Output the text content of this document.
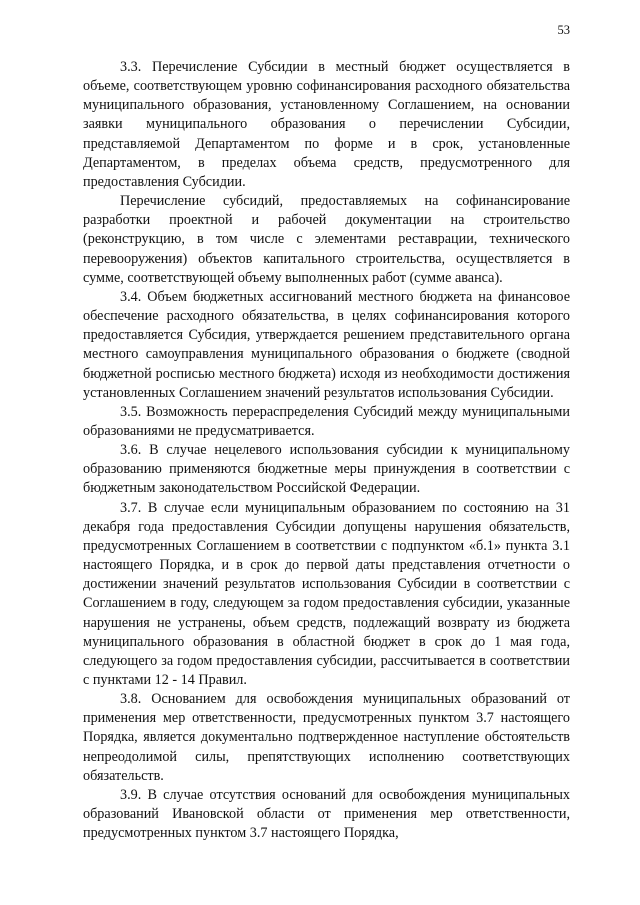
53

3.3. Перечисление Субсидии в местный бюджет осуществляется в объеме, соответствующем уровню софинансирования расходного обязательства муниципального образования, установленному Соглашением, на основании заявки муниципального образования о перечислении Субсидии, представляемой Департаментом по форме и в срок, установленные Департаментом, в пределах объема средств, предусмотренного для предоставления Субсидии.

Перечисление субсидий, предоставляемых на софинансирование разработки проектной и рабочей документации на строительство (реконструкцию, в том числе с элементами реставрации, технического перевооружения) объектов капитального строительства, осуществляется в сумме, соответствующей объему выполненных работ (сумме аванса).

3.4. Объем бюджетных ассигнований местного бюджета на финансовое обеспечение расходного обязательства, в целях софинансирования которого предоставляется Субсидия, утверждается решением представительного органа местного самоуправления муниципального образования о бюджете (сводной бюджетной росписью местного бюджета) исходя из необходимости достижения установленных Соглашением значений результатов использования Субсидии.

3.5. Возможность перераспределения Субсидий между муниципальными образованиями не предусматривается.

3.6. В случае нецелевого использования субсидии к муниципальному образованию применяются бюджетные меры принуждения в соответствии с бюджетным законодательством Российской Федерации.

3.7. В случае если муниципальным образованием по состоянию на 31 декабря года предоставления Субсидии допущены нарушения обязательств, предусмотренных Соглашением в соответствии с подпунктом «б.1» пункта 3.1 настоящего Порядка, и в срок до первой даты представления отчетности о достижении значений результатов использования Субсидии в соответствии с Соглашением в году, следующем за годом предоставления субсидии, указанные нарушения не устранены, объем средств, подлежащий возврату из бюджета муниципального образования в областной бюджет в срок до 1 мая года, следующего за годом предоставления субсидии, рассчитывается в соответствии с пунктами 12 - 14 Правил.

3.8. Основанием для освобождения муниципальных образований от применения мер ответственности, предусмотренных пунктом 3.7 настоящего Порядка, является документально подтвержденное наступление обстоятельств непреодолимой силы, препятствующих исполнению соответствующих обязательств.

3.9. В случае отсутствия оснований для освобождения муниципальных образований Ивановской области от применения мер ответственности, предусмотренных пунктом 3.7 настоящего Порядка,
